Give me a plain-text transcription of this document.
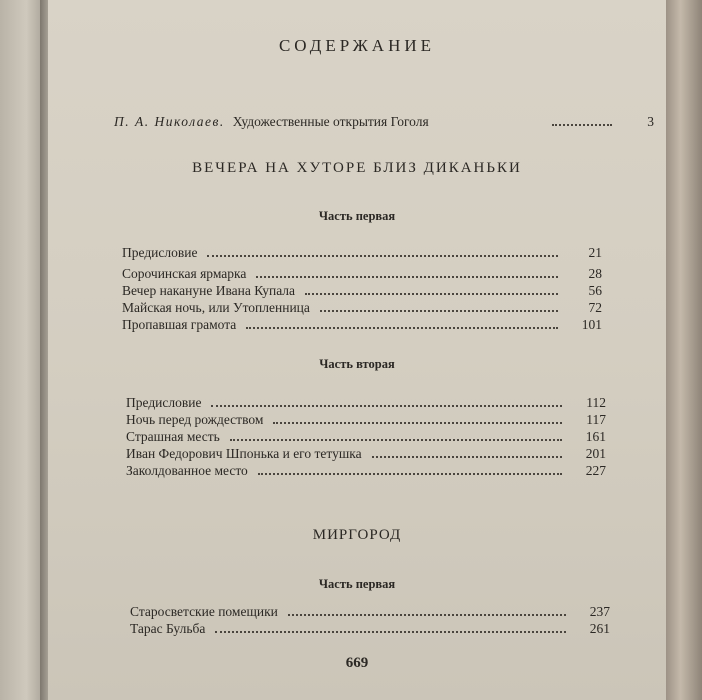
СОДЕРЖАНИЕ
П. А. Николаев. Художественные открытия Гоголя	3
ВЕЧЕРА НА ХУТОРЕ БЛИЗ ДИКАНЬКИ
Часть первая
Предисловие	21
Сорочинская ярмарка	28
Вечер накануне Ивана Купала	56
Майская ночь, или Утопленница	72
Пропавшая грамота	101
Часть вторая
Предисловие	112
Ночь перед рождеством	117
Страшная месть	161
Иван Федорович Шпонька и его тетушка	201
Заколдованное место	227
МИРГОРОД
Часть первая
Старосветские помещики	237
Тарас Бульба	261
669
